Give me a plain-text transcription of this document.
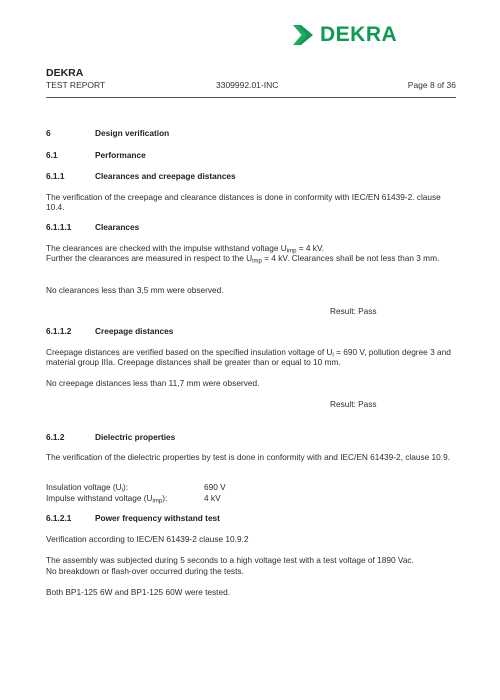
DEKRA
DEKRA
TEST REPORT	3309992.01-INC	Page 8 of 36
6	Design verification
6.1	Performance
6.1.1	Clearances and creepage distances
The verification of the creepage and clearance distances is done in conformity with IEC/EN 61439-2. clause 10.4.
6.1.1.1	Clearances

The clearances are checked with the impulse withstand voltage $U_{imp} = 4$ kV.

Further the clearances are measured in respect to the $U_{imp} = 4$ kV. Clearances shall be not less than 3 mm.

No clearances less than 3,5 mm were observed.
Result: Pass
6.1.1.2	Creepage distances

Creepage distances are verified based on the specified insulation voltage of $U_i = 690$ V, pollution degree 3 and material group IIIa. Creepage distances shall be greater than or equal to 10 mm.

No creepage distances less than 11,7 mm were observed.
Result: Pass
6.1.2	Dielectric properties
The verification of the dielectric properties by test is done in conformity with and IEC/EN 61439-2, clause 10.9.
Insulation voltage $(U_i)$:	690 V
Impulse withstand voltage $(U_{imp})$:	4 kV
6.1.2.1	Power frequency withstand test
Verification according to IEC/EN 61439-2 clause 10.9.2
The assembly was subjected during 5 seconds to a high voltage test with a test voltage of 1890 Vac.
No breakdown or flash-over occurred during the tests.
Both BP1-125 6W and BP1-125 60W were tested.
